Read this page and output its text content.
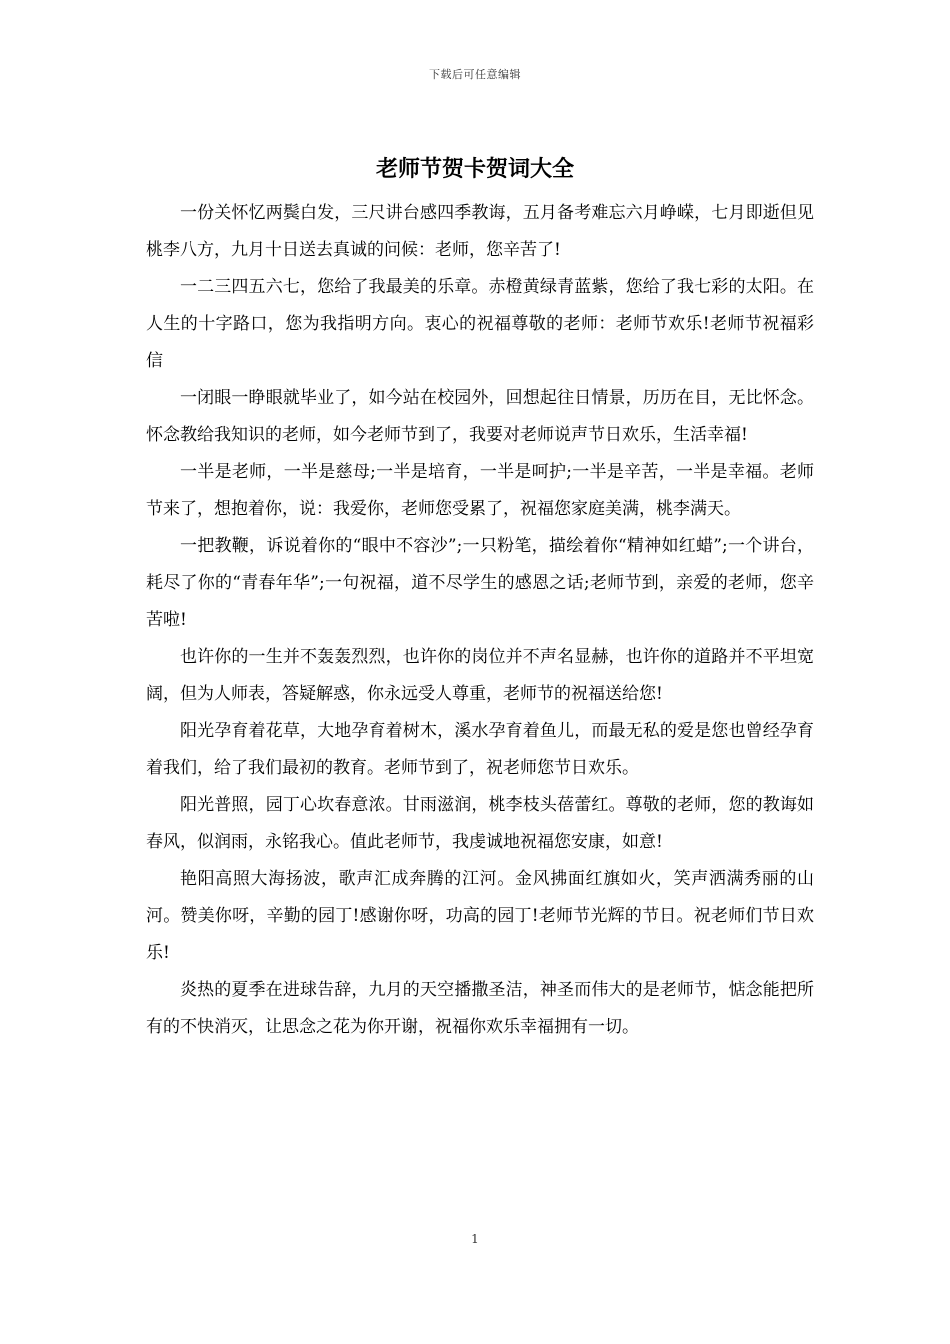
下载后可任意编辑
老师节贺卡贺词大全

一份关怀忆两鬓白发，三尺讲台感四季教诲，五月备考难忘六月峥嵘，七月即逝但见桃李八方，九月十日送去真诚的问候：老师，您辛苦了!

一二三四五六七，您给了我最美的乐章。赤橙黄绿青蓝紫，您给了我七彩的太阳。在人生的十字路口，您为我指明方向。衷心的祝福尊敬的老师：老师节欢乐!老师节祝福彩信

一闭眼一睁眼就毕业了，如今站在校园外，回想起往日情景，历历在目，无比怀念。怀念教给我知识的老师，如今老师节到了，我要对老师说声节日欢乐，生活幸福!

一半是老师，一半是慈母;一半是培育，一半是呵护;一半是辛苦，一半是幸福。老师节来了，想抱着你，说：我爱你，老师您受累了，祝福您家庭美满，桃李满天。

一把教鞭，诉说着你的“眼中不容沙”;一只粉笔，描绘着你“精神如红蜡”;一个讲台，耗尽了你的“青春年华”;一句祝福，道不尽学生的感恩之话;老师节到，亲爱的老师，您辛苦啦!

也许你的一生并不轰轰烈烈，也许你的岗位并不声名显赫，也许你的道路并不平坦宽阔，但为人师表，答疑解惑，你永远受人尊重，老师节的祝福送给您!

阳光孕育着花草，大地孕育着树木，溪水孕育着鱼儿，而最无私的爱是您也曾经孕育着我们，给了我们最初的教育。老师节到了，祝老师您节日欢乐。

阳光普照，园丁心坎春意浓。甘雨滋润，桃李枝头蓓蕾红。尊敬的老师，您的教诲如春风，似润雨，永铭我心。值此老师节，我虔诚地祝福您安康，如意!

艳阳高照大海扬波，歌声汇成奔腾的江河。金风拂面红旗如火，笑声洒满秀丽的山河。赞美你呀，辛勤的园丁!感谢你呀，功高的园丁!老师节光辉的节日。祝老师们节日欢乐!

炎热的夏季在进球告辞，九月的天空播撒圣洁，神圣而伟大的是老师节，惦念能把所有的不快消灭，让思念之花为你开谢，祝福你欢乐幸福拥有一切。

1
